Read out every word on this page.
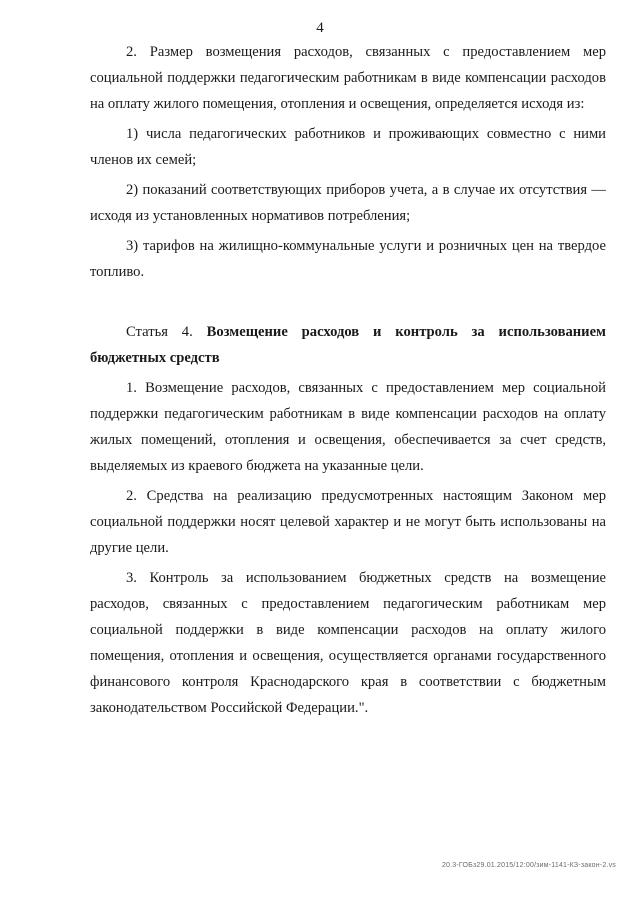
4

2. Размер возмещения расходов, связанных с предоставлением мер социальной поддержки педагогическим работникам в виде компенсации расходов на оплату жилого помещения, отопления и освещения, определяется исходя из:

1) числа педагогических работников и проживающих совместно с ними членов их семей;

2) показаний соответствующих приборов учета, а в случае их отсутствия — исходя из установленных нормативов потребления;

3) тарифов на жилищно-коммунальные услуги и розничных цен на твердое топливо.

Статья 4. Возмещение расходов и контроль за использованием бюджетных средств

1. Возмещение расходов, связанных с предоставлением мер социальной поддержки педагогическим работникам в виде компенсации расходов на оплату жилых помещений, отопления и освещения, обеспечивается за счет средств, выделяемых из краевого бюджета на указанные цели.

2. Средства на реализацию предусмотренных настоящим Законом мер социальной поддержки носят целевой характер и не могут быть использованы на другие цели.

3. Контроль за использованием бюджетных средств на возмещение расходов, связанных с предоставлением педагогическим работникам мер социальной поддержки в виде компенсации расходов на оплату жилого помещения, отопления и освещения, осуществляется органами государственного финансового контроля Краснодарского края в соответствии с бюджетным законодательством Российской Федерации.".

20.3-ГОБз29.01.2015/12:00/зим-1141-КЗ-закон-2.vs
